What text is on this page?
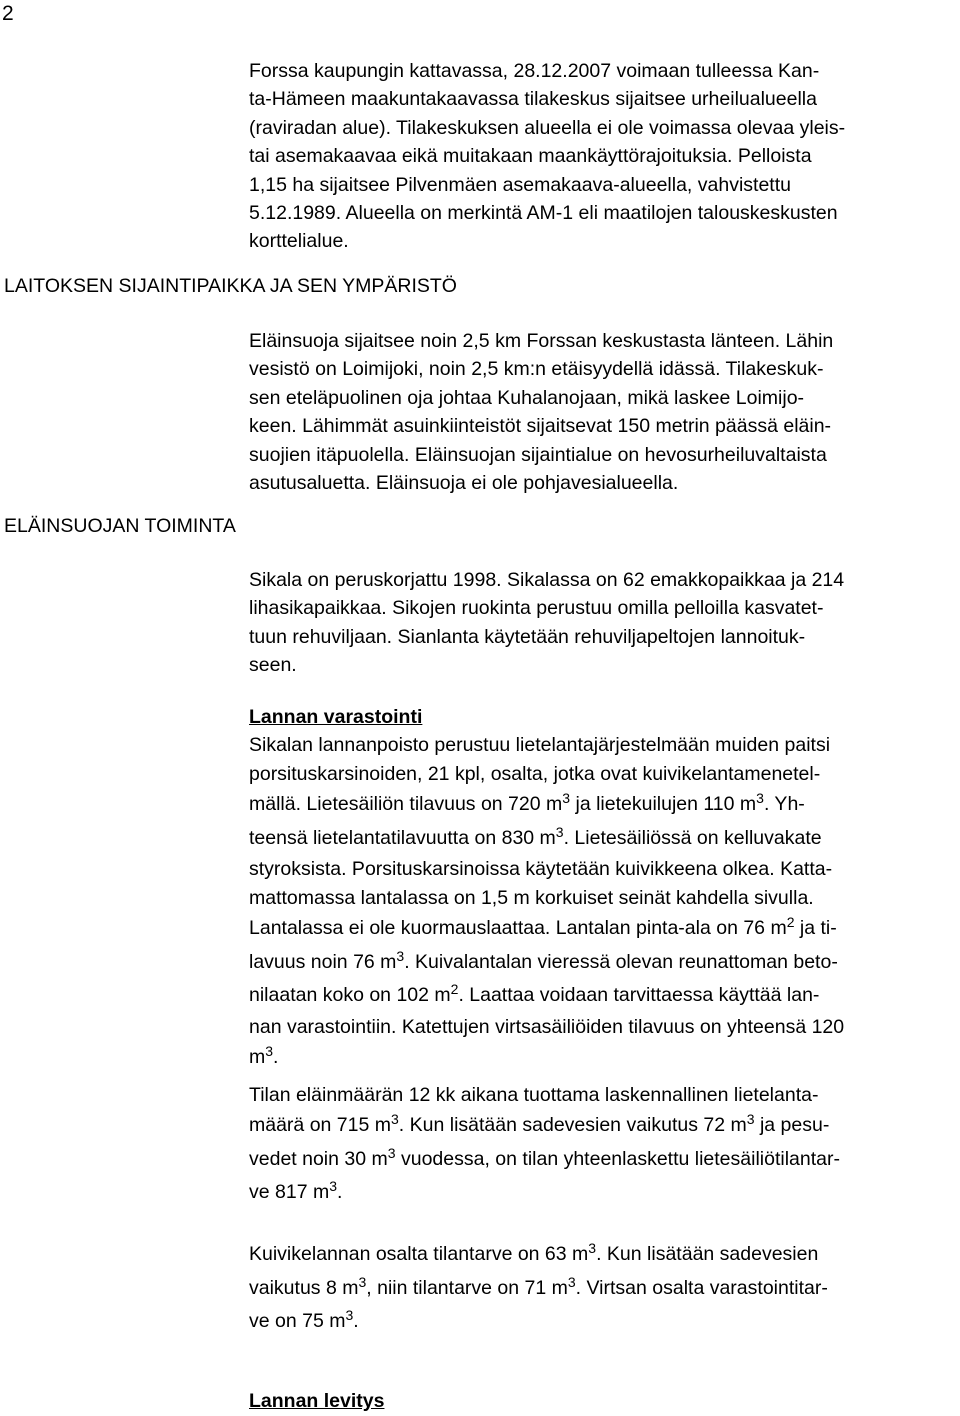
2
Forssa kaupungin kattavassa, 28.12.2007 voimaan tulleessa Kan-
ta-Hämeen maakuntakaavassa tilakeskus sijaitsee urheilualueella
(raviradan alue). Tilakeskuksen alueella ei ole voimassa olevaa yleis-
tai asemakaavaa eikä muitakaan maankäyttörajoituksia. Pelloista
1,15 ha sijaitsee Pilvenmäen asemakaava-alueella, vahvistettu
5.12.1989. Alueella on merkintä AM-1 eli maatilojen talouskeskusten
korttelialue.
LAITOKSEN SIJAINTIPAIKKA JA SEN YMPÄRISTÖ
Eläinsuoja sijaitsee noin 2,5 km Forssan keskustasta länteen. Lähin
vesistö on Loimijoki, noin 2,5 km:n etäisyydellä idässä. Tilakeskuk-
sen eteläpuolinen oja johtaa Kuhalanojaan, mikä laskee Loimijo-
keen. Lähimmät asuinkiinteistöt sijaitsevat 150 metrin päässä eläin-
suojien itäpuolella. Eläinsuojan sijaintialue on hevosurheiluvaltaista
asutusaluetta. Eläinsuoja ei ole pohjavesialueella.
ELÄINSUOJAN TOIMINTA
Sikala on peruskorjattu 1998. Sikalassa on 62 emakkopaikkaa ja 214
lihasikapaikkaa. Sikojen ruokinta perustuu omilla pelloilla kasvatet-
tuun rehuviljaan. Sianlanta käytetään rehuviljapeltojen lannoituk-
seen.
Lannan varastointi
Sikalan lannanpoisto perustuu lietelantajärjestelmään muiden paitsi
porsituskarsinoiden, 21 kpl, osalta, jotka ovat kuivikelantamenetel-
mällä. Lietesäiliön tilavuus on 720 $m^3$ ja lietekuilujen 110 $m^3$. Yh-
teensä lietelantatilavuutta on 830 $m^3$. Lietesäiliössä on kelluvakate
styroksista. Porsituskarsinoissa käytetään kuivikkeena olkea. Katta-
mattomassa lantalassa on 1,5 m korkuiset seinät kahdella sivulla.
Lantalassa ei ole kuormauslaattaa. Lantalan pinta-ala on 76 $m^2$ ja ti-
lavuus noin 76 $m^3$. Kuivalantalan vieressä olevan reunattoman beto-
nilaatan koko on 102 $m^2$. Laattaa voidaan tarvittaessa käyttää lan-
nan varastointiin. Katettujen virtsasäiliöiden tilavuus on yhteensä 120
$m^3$.
Tilan eläinmäärän 12 kk aikana tuottama laskennallinen lietelanta-
määrä on 715 $m^3$. Kun lisätään sadevesien vaikutus 72 $m^3$ ja pesu-
vedet noin 30 $m^3$ vuodessa, on tilan yhteenlaskettu lietesäiliötilantar-
ve 817 $m^3$.
Kuivikelannan osalta tilantarve on 63 $m^3$. Kun lisätään sadevesien
vaikutus 8 $m^3$, niin tilantarve on 71 $m^3$. Virtsan osalta varastointitar-
ve on 75 $m^3$.
Lannan levitys
